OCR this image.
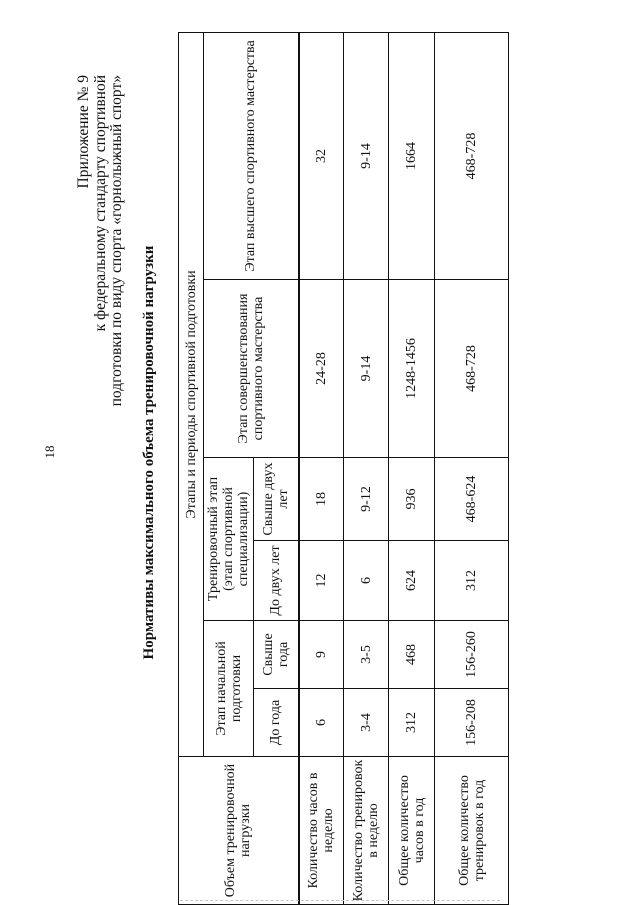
18
Приложение № 9 к федеральному стандарту спортивной подготовки по виду спорта «горнолыжный спорт»
Нормативы максимального объема тренировочной нагрузки
Объем тренировочной нагрузки	Этапы и периоды спортивной подготовки					
	Этап начальной подготовки		Тренировочный этап (этап спортивной специализации)		Этап совершенствования спортивного мастерства	Этап высшего спортивного мастерства
	До года	Свыше года	До двух лет	Свыше двух лет		
Количество часов в неделю	6	9	12	18	24-28	32
Количество тренировок в неделю	3-4	3-5	6	9-12	9-14	9-14
Общее количество часов в год	312	468	624	936	1248-1456	1664
Общее количество тренировок в год	156-208	156-260	312	468-624	468-728	468-728
